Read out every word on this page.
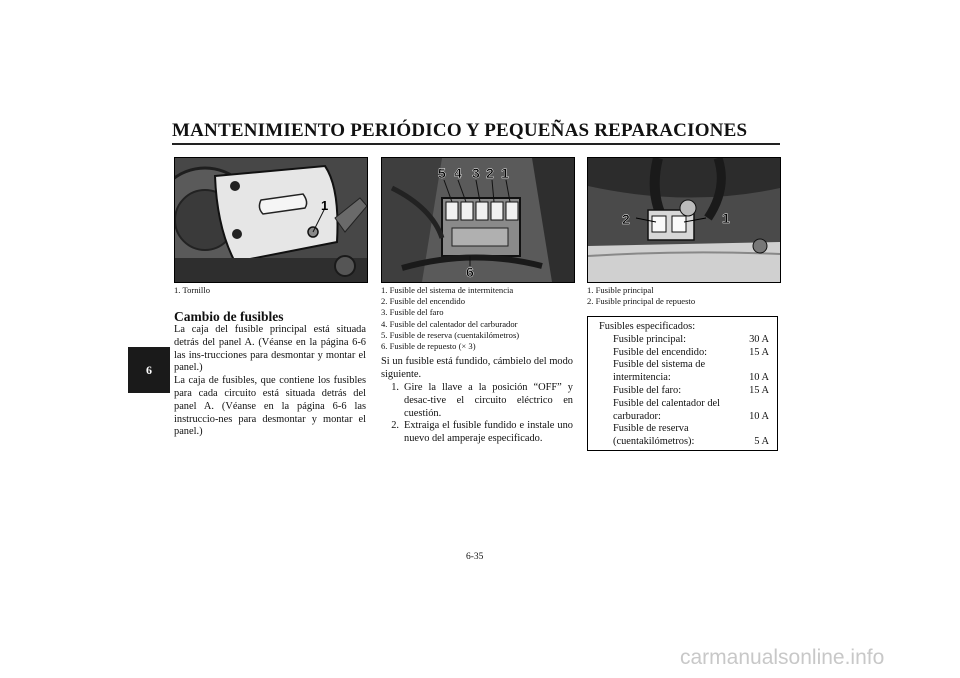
MANTENIMIENTO PERIÓDICO Y PEQUEÑAS REPARACIONES
6
1
5 4 3 2 1
6
2	1
1. Tornillo	1. Fusible del sistema de intermitencia
2. Fusible del encendido
3. Fusible del faro
4. Fusible del calentador del carburador
5. Fusible de reserva (cuentakilómetros)
6. Fusible de repuesto (× 3)
1. Fusible principal
2. Fusible principal de repuesto
Cambio de fusibles

La caja del fusible principal está situada detrás del panel A. (Véanse en la página 6-6 las ins-trucciones para desmontar y montar el panel.)

La caja de fusibles, que contiene los fusibles para cada circuito está situada detrás del panel A. (Véanse en la página 6-6 las instruccio-nes para desmontar y montar el panel.)

Si un fusible está fundido, cámbielo del modo siguiente.
1. Gire la llave a la posición “OFF” y desac-tive el circuito eléctrico en cuestión.
2. Extraiga el fusible fundido e instale uno nuevo del amperaje especificado.
Fusibles especificados:
Fusible principal:	30 A
Fusible del encendido:	15 A
Fusible del sistema de
intermitencia:	10 A
Fusible del faro:	15 A
Fusible del calentador del
carburador:	10 A
Fusible de reserva
(cuentakilómetros):	5 A
6-35
carmanualsonline.info
